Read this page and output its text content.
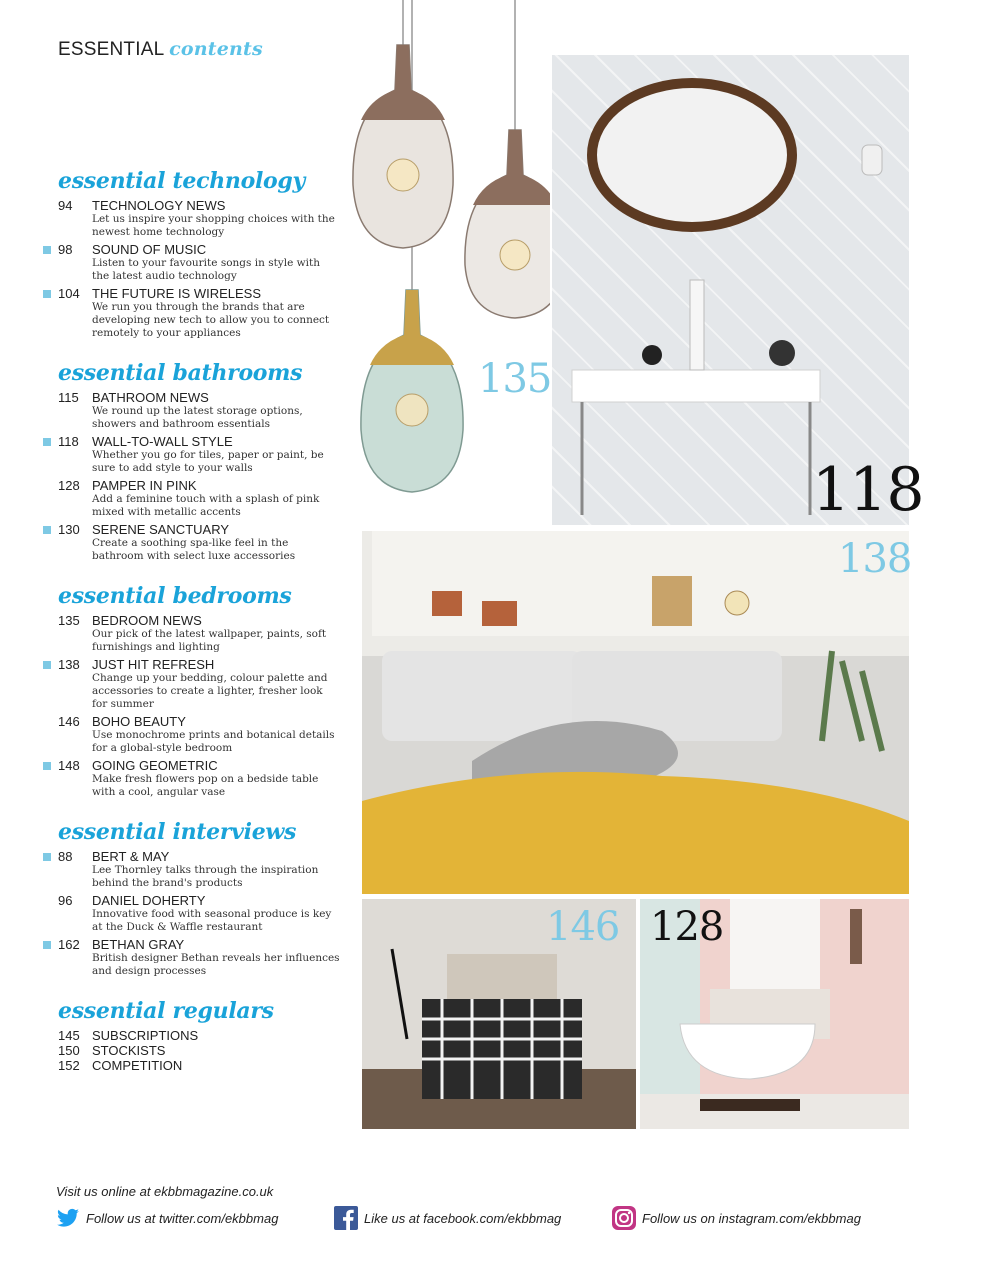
ESSENTIAL contents
essential technology
94 TECHNOLOGY NEWS
Let us inspire your shopping choices with the newest home technology
98 SOUND OF MUSIC
Listen to your favourite songs in style with the latest audio technology
104 THE FUTURE IS WIRELESS
We run you through the brands that are developing new tech to allow you to connect remotely to your appliances
essential bathrooms
115 BATHROOM NEWS
We round up the latest storage options, showers and bathroom essentials
118 WALL-TO-WALL STYLE
Whether you go for tiles, paper or paint, be sure to add style to your walls
128 PAMPER IN PINK
Add a feminine touch with a splash of pink mixed with metallic accents
130 SERENE SANCTUARY
Create a soothing spa-like feel in the bathroom with select luxe accessories
essential bedrooms
135 BEDROOM NEWS
Our pick of the latest wallpaper, paints, soft furnishings and lighting
138 JUST HIT REFRESH
Change up your bedding, colour palette and accessories to create a lighter, fresher look for summer
146 BOHO BEAUTY
Use monochrome prints and botanical details for a global-style bedroom
148 GOING GEOMETRIC
Make fresh flowers pop on a bedside table with a cool, angular vase
essential interviews
88 BERT & MAY
Lee Thornley talks through the inspiration behind the brand's products
96 DANIEL DOHERTY
Innovative food with seasonal produce is key at the Duck & Waffle restaurant
162 BETHAN GRAY
British designer Bethan reveals her influences and design processes
essential regulars
145 SUBSCRIPTIONS
150 STOCKISTS
152 COMPETITION
135
118
138
146 128
Visit us online at ekbbmagazine.co.uk
Follow us at twitter.com/ekbbmag	Like us at facebook.com/ekbbmag	Follow us on instagram.com/ekbbmag
